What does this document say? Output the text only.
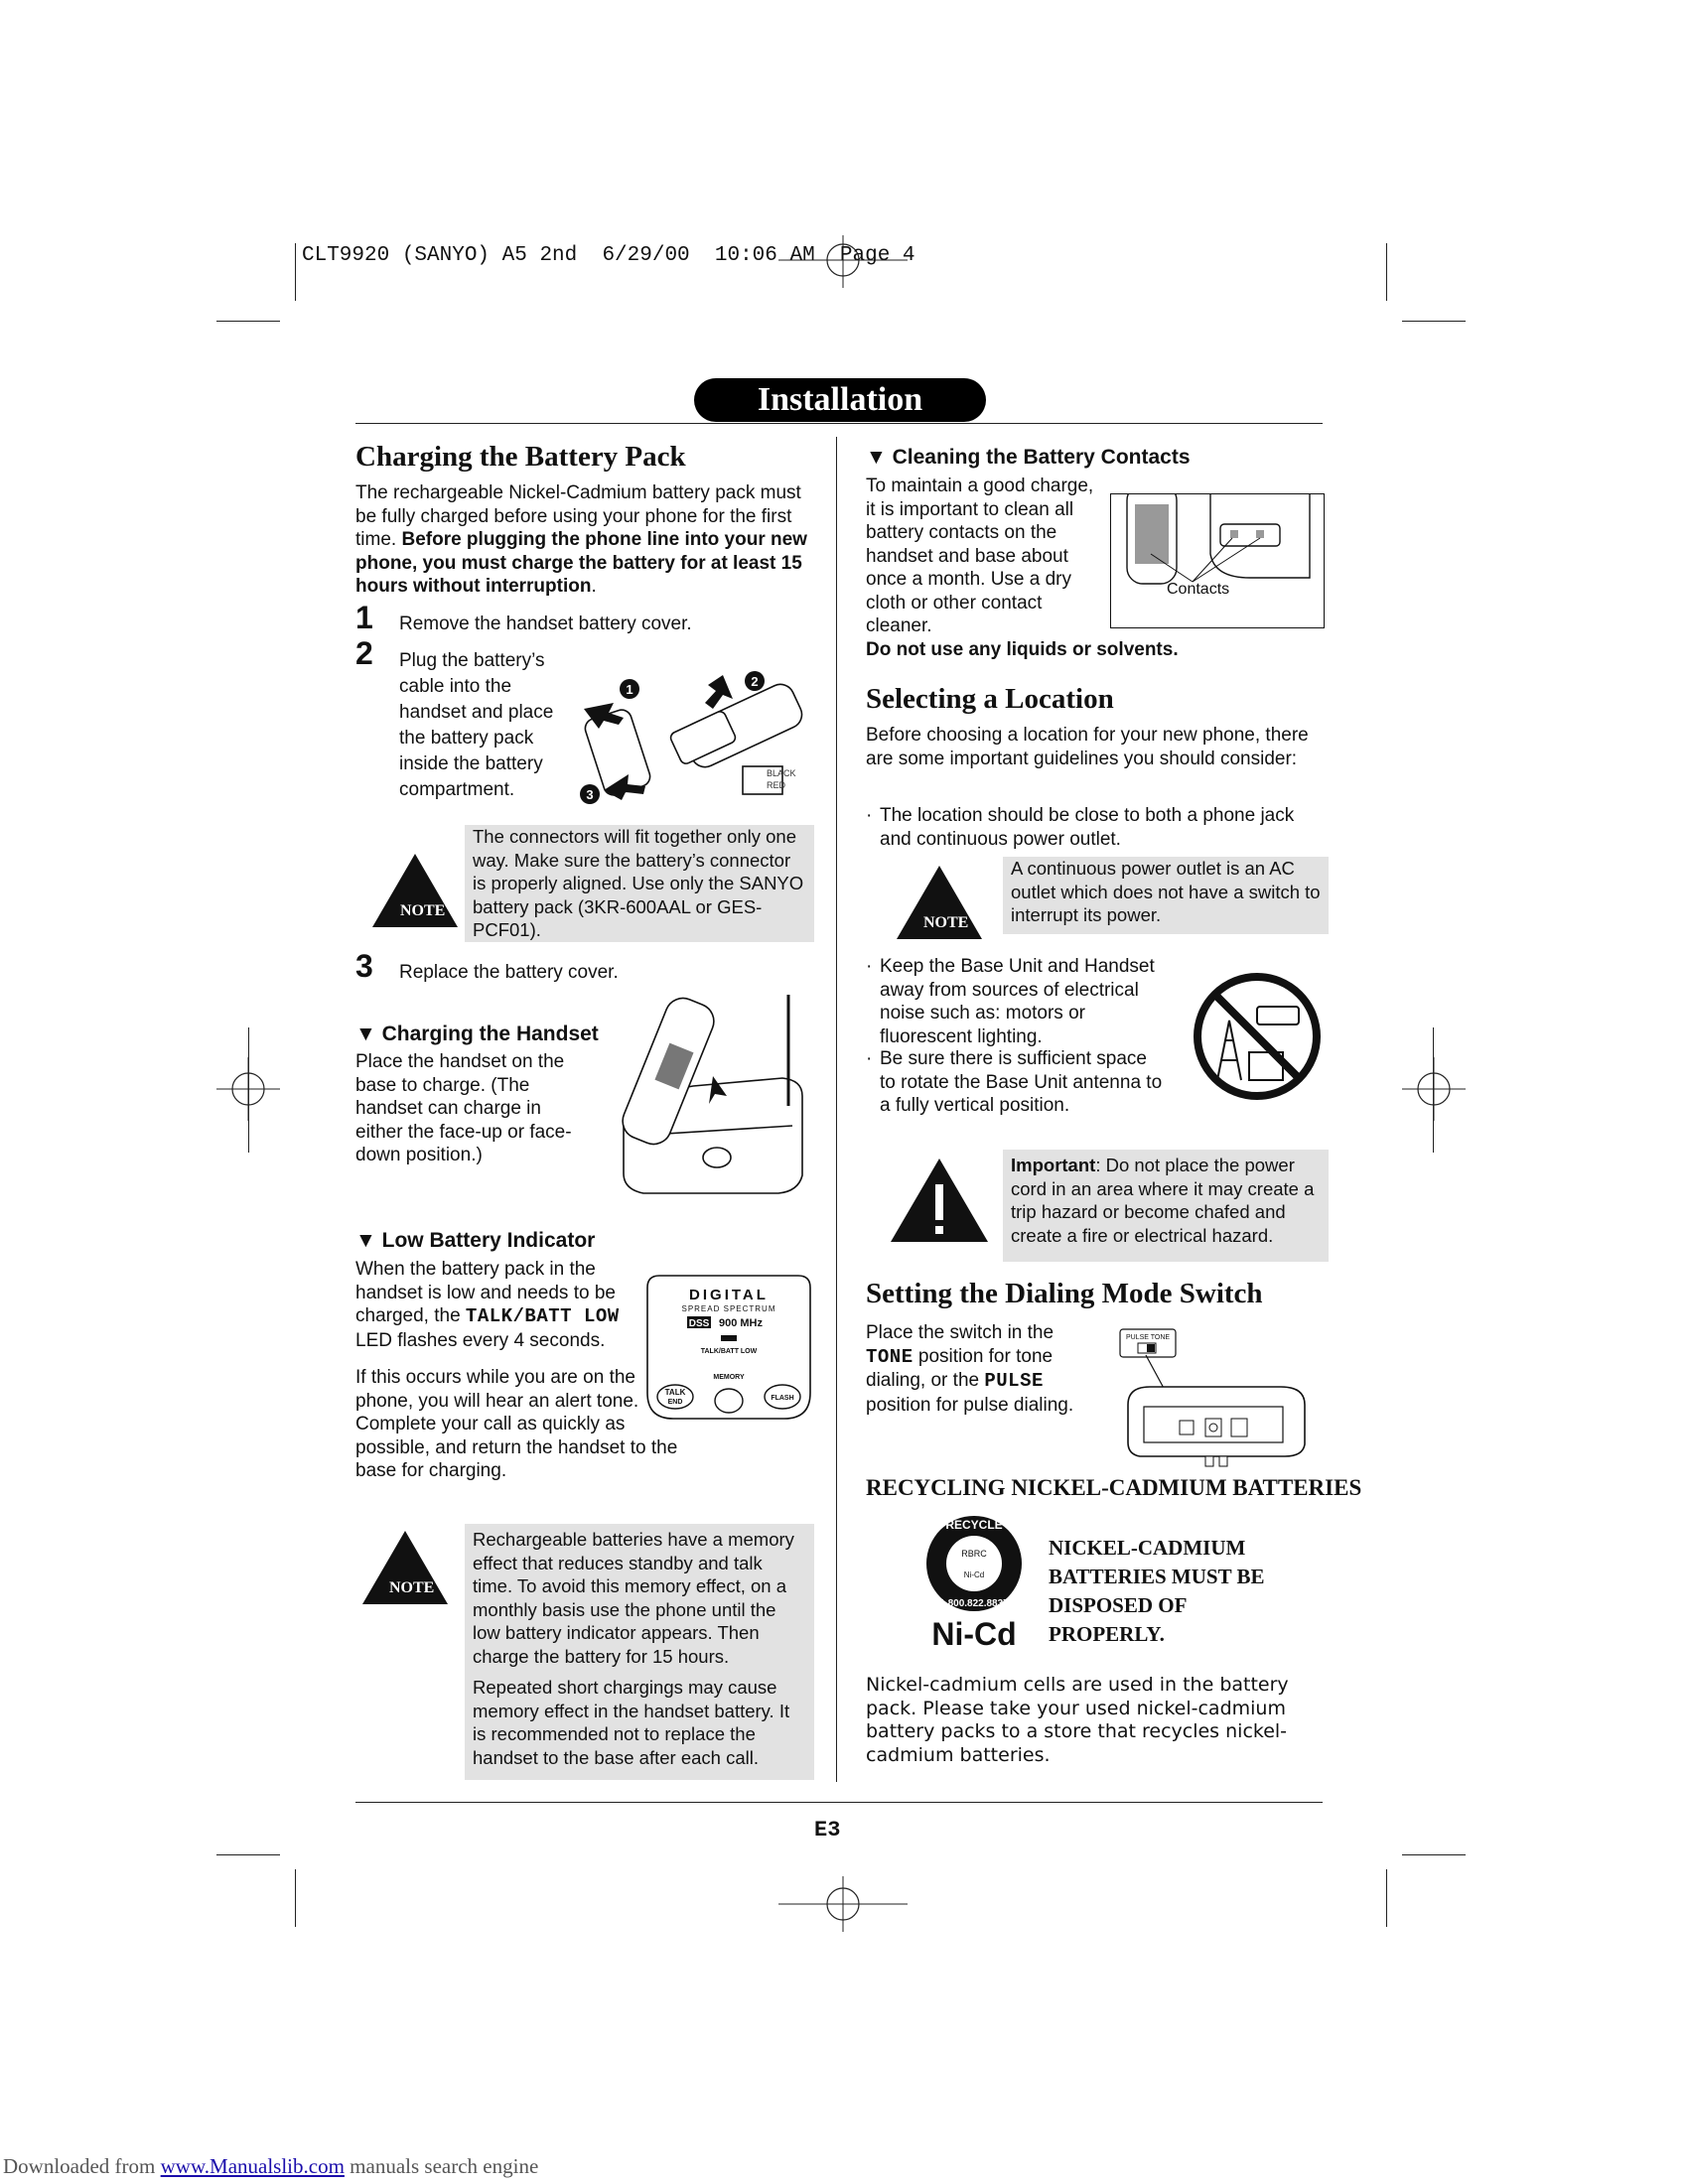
CLT9920 (SANYO) A5 2nd  6/29/00  10:06 AM  Page 4
Installation
Charging the Battery Pack

The rechargeable Nickel-Cadmium battery pack must be fully charged before using your phone for the first time. Before plugging the phone line into your new phone, you must charge the battery for at least 15 hours without interruption.

1 Remove the handset battery cover.

2 Plug the battery’s cable into the handset and place the battery pack inside the battery compartment.

1
2
3
BLACK
RED
NOTE

The connectors will fit together only one way. Make sure the battery’s connector is properly aligned. Use only the SANYO battery pack (3KR-600AAL or GES-PCF01).

3 Replace the battery cover.

▼ Charging the Handset

Place the handset on the base to charge. (The handset can charge in either the face-up or face-down position.)

▼ Low Battery Indicator

When the battery pack in the handset is low and needs to be charged, the TALK/BATT LOW LED flashes every 4 seconds.

If this occurs while you are on the phone, you will hear an alert tone. Complete your call as quickly as possible, and return the handset to the base for charging.

DIGITAL
SPREAD SPECTRUM
DSS 900 MHz
TALK/BATT LOW
MEMORY
TALK
END
FLASH
NOTE

Rechargeable batteries have a memory effect that reduces standby and talk time. To avoid this memory effect, on a monthly basis use the phone until the low battery indicator appears. Then charge the battery for 15 hours.

Repeated short chargings may cause memory effect in the handset battery. It is recommended not to replace the handset to the base after each call.

▼ Cleaning the Battery Contacts

To maintain a good charge, it is important to clean all battery contacts on the handset and base about once a month. Use a dry cloth or other contact cleaner.

Do not use any liquids or solvents.

Contacts
Selecting a Location

Before choosing a location for your new phone, there are some important guidelines you should consider:

· The location should be close to both a phone jack and continuous power outlet.
NOTE

A continuous power outlet is an AC outlet which does not have a switch to interrupt its power.

· Keep the Base Unit and Handset away from sources of electrical noise such as: motors or fluorescent lighting.
· Be sure there is sufficient space to rotate the Base Unit antenna to a fully vertical position.

Important: Do not place the power cord in an area where it may create a trip hazard or become chafed and create a fire or electrical hazard.

Setting the Dialing Mode Switch

Place the switch in the TONE position for tone dialing, or the PULSE position for pulse dialing.

PULSE TONE
RECYCLING NICKEL-CADMIUM BATTERIES
RECYCLE
1.800.822.8837
RBRC
Ni-Cd
Ni-Cd
NICKEL-CADMIUM BATTERIES MUST BE DISPOSED OF PROPERLY.

Nickel-cadmium cells are used in the battery pack. Please take your used nickel-cadmium battery packs to a store that recycles nickel-cadmium batteries.

E3
Downloaded from www.Manualslib.com manuals search engine
